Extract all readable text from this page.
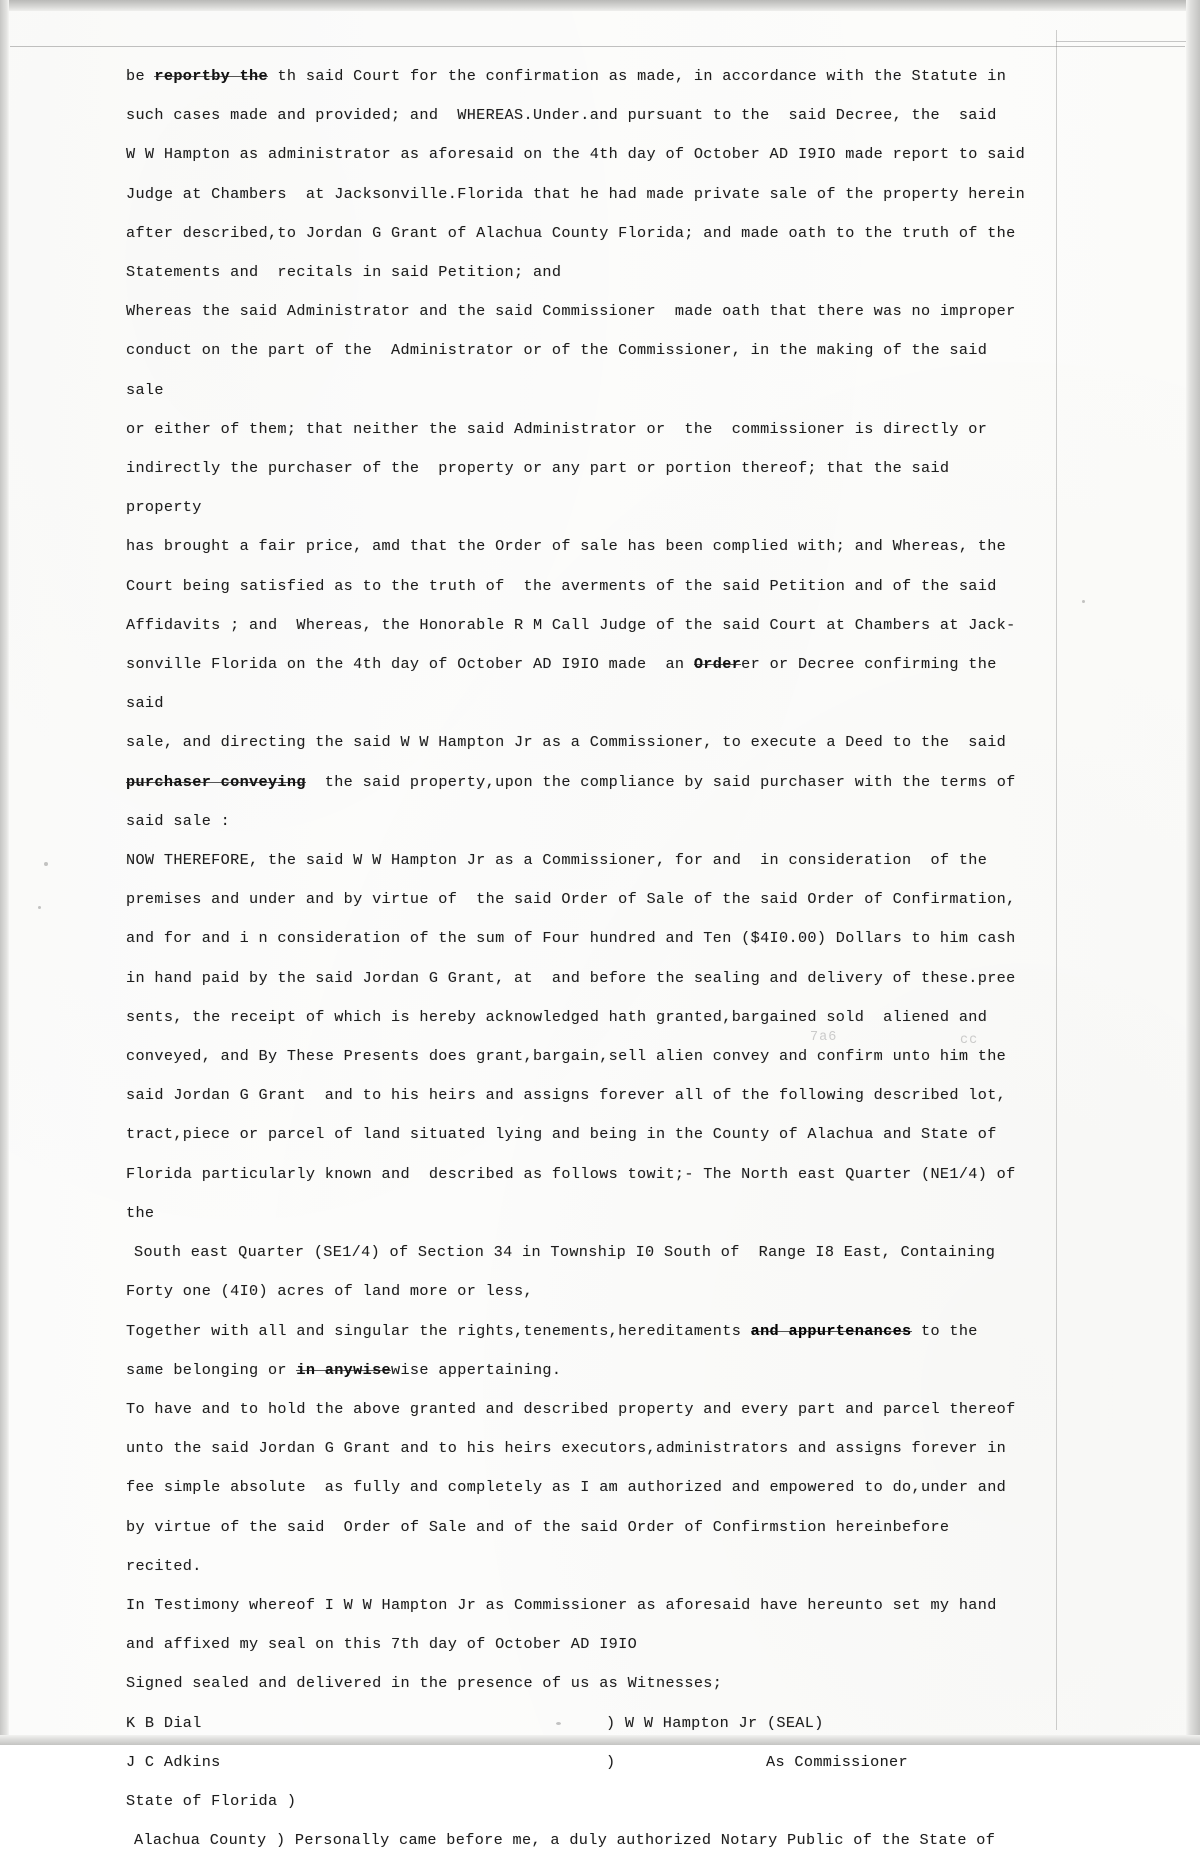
7a6	cc
be reportby the th said Court for the confirmation as made, in accordance with the Statute in
such cases made and provided; and  WHEREAS.Under.and pursuant to the  said Decree, the  said
W W Hampton as administrator as aforesaid on the 4th day of October AD I9IO made report to said
Judge at Chambers  at Jacksonville.Florida that he had made private sale of the property herein
after described,to Jordan G Grant of Alachua County Florida; and made oath to the truth of the
Statements and  recitals in said Petition; and
Whereas the said Administrator and the said Commissioner  made oath that there was no improper
conduct on the part of the  Administrator or of the Commissioner, in the making of the said sale
or either of them; that neither the said Administrator or  the  commissioner is directly or
indirectly the purchaser of the  property or any part or portion thereof; that the said property
has brought a fair price, amd that the Order of sale has been complied with; and Whereas, the
Court being satisfied as to the truth of  the averments of the said Petition and of the said
Affidavits ; and  Whereas, the Honorable R M Call Judge of the said Court at Chambers at Jack-
sonville Florida on the 4th day of October AD I9IO made  an Orderer or Decree confirming the said
sale, and directing the said W W Hampton Jr as a Commissioner, to execute a Deed to the  said
purchaser conveying  the said property,upon the compliance by said purchaser with the terms of
said sale :
NOW THEREFORE, the said W W Hampton Jr as a Commissioner, for and  in consideration  of the
premises and under and by virtue of  the said Order of Sale of the said Order of Confirmation,
and for and i n consideration of the sum of Four hundred and Ten ($4I0.00) Dollars to him cash
in hand paid by the said Jordan G Grant, at  and before the sealing and delivery of these.pree
sents, the receipt of which is hereby acknowledged hath granted,bargained sold  aliened and
conveyed, and By These Presents does grant,bargain,sell alien convey and confirm unto him the
said Jordan G Grant  and to his heirs and assigns forever all of the following described lot,
tract,piece or parcel of land situated lying and being in the County of Alachua and State of
Florida particularly known and  described as follows towit;- The North east Quarter (NE1/4) of the
South east Quarter (SE1/4) of Section 34 in Township I0 South of  Range I8 East, Containing
Forty one (4I0) acres of land more or less,
Together with all and singular the rights,tenements,hereditaments and appurtenances to the
same belonging or in anywisewise appertaining.
To have and to hold the above granted and described property and every part and parcel thereof
unto the said Jordan G Grant and to his heirs executors,administrators and assigns forever in
fee simple absolute  as fully and completely as I am authorized and empowered to do,under and
by virtue of the said  Order of Sale and of the said Order of Confirmstion hereinbefore recited.
In Testimony whereof I W W Hampton Jr as Commissioner as aforesaid have hereunto set my hand
and affixed my seal on this 7th day of October AD I9IO
Signed sealed and delivered in the presence of us as Witnesses;
K B Dial	) W W Hampton Jr (SEAL)
J C Adkins	)	As Commissioner
State of Florida )
Alachua County ) Personally came before me, a duly authorized Notary Public of the State of
